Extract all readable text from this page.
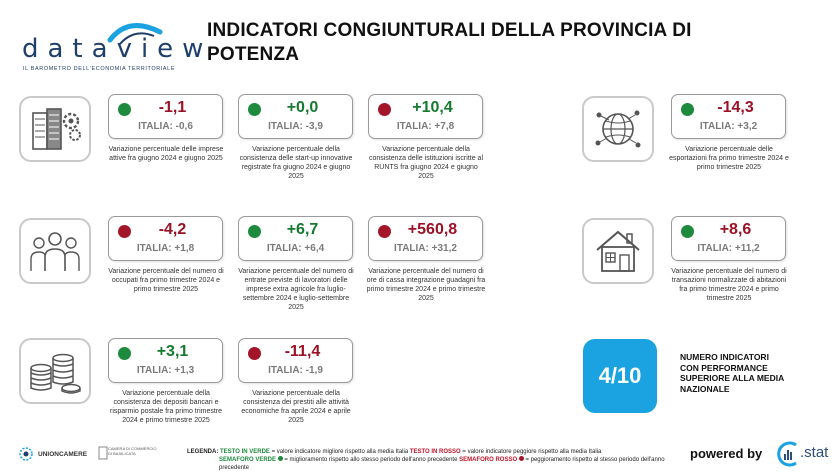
dataview
IL BAROMETRO DELL'ECONOMIA TERRITORIALE
INDICATORI CONGIUNTURALI DELLA PROVINCIA DI POTENZA
-1,1
ITALIA: -0,6
Variazione percentuale delle imprese attive fra giugno 2024 e giugno 2025
+0,0
ITALIA: -3,9
Variazione percentuale della consistenza delle start-up innovative registrate fra giugno 2024 e giugno 2025
+10,4
ITALIA: +7,8
Variazione percentuale della consistenza delle istituzioni iscritte al RUNTS fra giugno 2024 e giugno 2025
-14,3
ITALIA: +3,2
Variazione percentuale delle esportazioni fra primo trimestre 2024 e primo trimestre 2025
-4,2
ITALIA: +1,8
Variazione percentuale del numero di occupati fra primo trimestre 2024 e primo trimestre 2025
+6,7
ITALIA: +6,4
Variazione percentuale del numero di entrate previste di lavoratori delle imprese extra agricole fra luglio-settembre 2024 e luglio-settembre 2025
+560,8
ITALIA: +31,2
Variazione percentuale del numero di ore di cassa integrazione guadagni fra primo trimestre 2024 e primo trimestre 2025
+8,6
ITALIA: +11,2
Variazione percentuale del numero di transazioni normalizzate di abitazioni fra primo trimestre 2024 e primo trimestre 2025
+3,1
ITALIA: +1,3
Variazione percentuale della consistenza dei depositi bancari e risparmio postale fra primo trimestre 2024 e primo trimestre 2025
-11,4
ITALIA: -1,9
Variazione percentuale della consistenza dei prestiti alle attività economiche fra aprile 2024 e aprile 2025
4/10
NUMERO INDICATORI CON PERFORMANCE SUPERIORE ALLA MEDIA NAZIONALE
UNIONCAMERE
CAMERA DI COMMERCIO DI BASILICATA	LEGENDA: TESTO IN VERDE = valore indicatore migliore rispetto alla media Italia TESTO IN ROSSO = valore indicatore peggiore rispetto alla media Italia
SEMAFORO VERDE  = miglioramento rispetto allo stesso periodo dell'anno precedente SEMAFORO ROSSO  = peggioramento rispetto al stesso periodo dell'anno precedente
powered by	.stat
